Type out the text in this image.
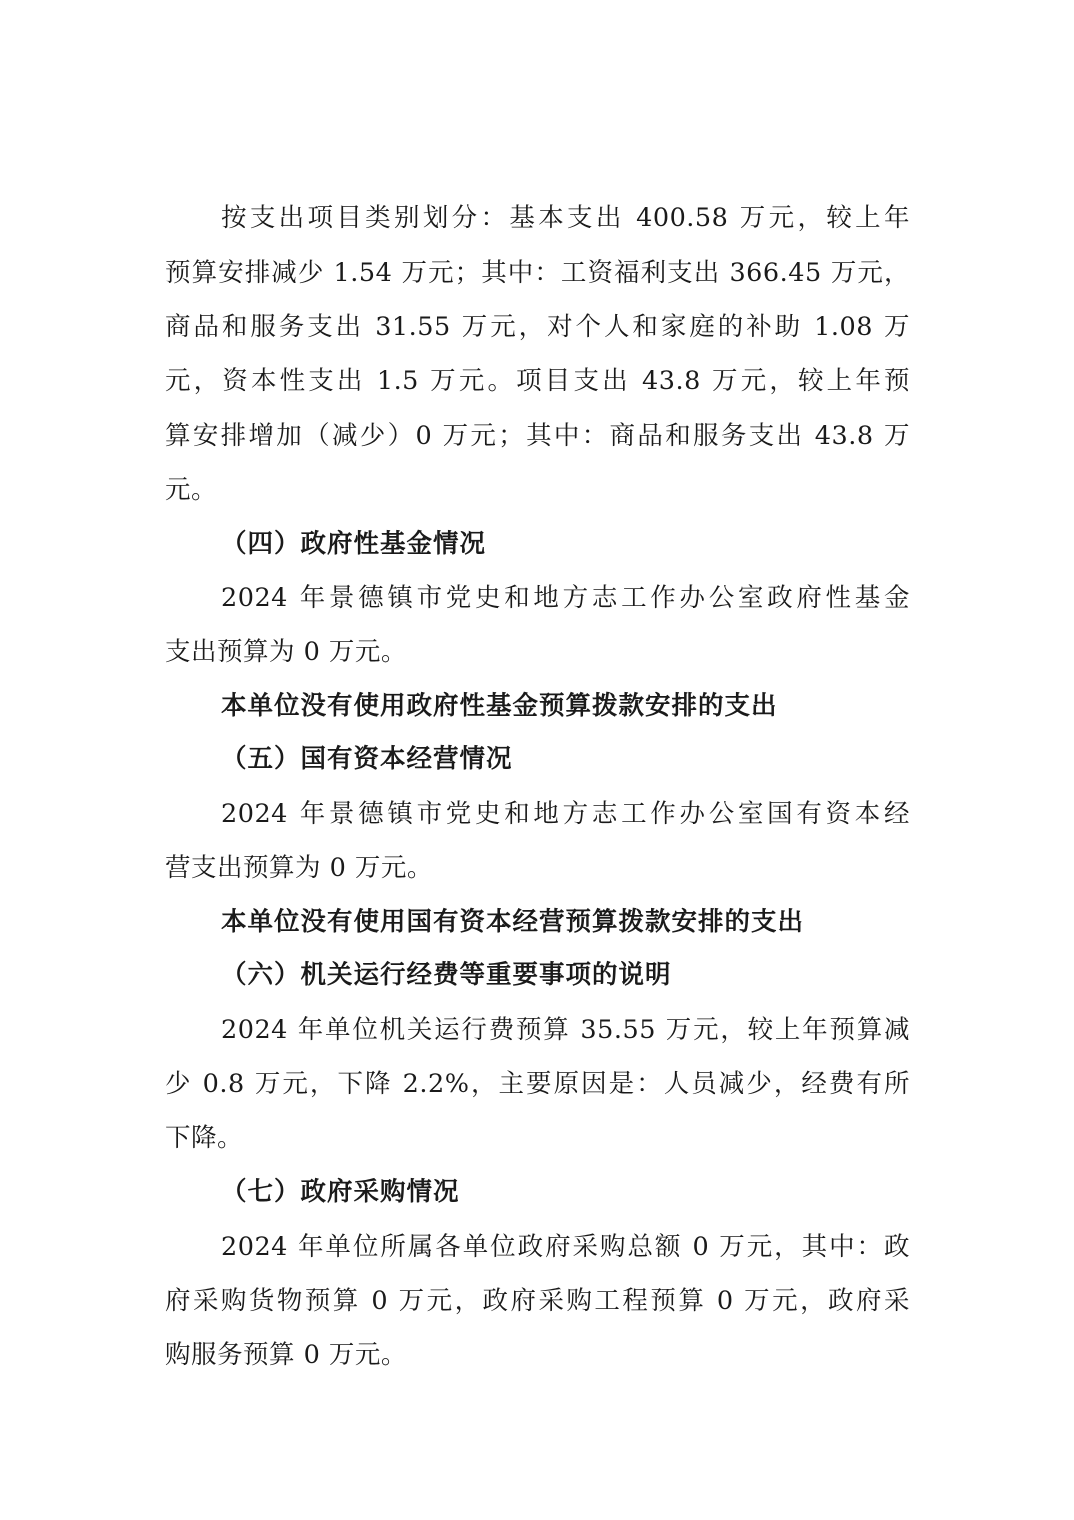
按支出项目类别划分：基本支出 400.58 万元，较上年
预算安排减少 1.54 万元；其中：工资福利支出 366.45 万元，
商品和服务支出 31.55 万元，对个人和家庭的补助 1.08 万
元，资本性支出 1.5 万元。项目支出 43.8 万元，较上年预
算安排增加（减少）0 万元；其中：商品和服务支出 43.8 万
元。
（四）政府性基金情况
2024 年景德镇市党史和地方志工作办公室政府性基金
支出预算为 0 万元。
本单位没有使用政府性基金预算拨款安排的支出
（五）国有资本经营情况
2024 年景德镇市党史和地方志工作办公室国有资本经
营支出预算为 0 万元。
本单位没有使用国有资本经营预算拨款安排的支出
（六）机关运行经费等重要事项的说明
2024 年单位机关运行费预算 35.55 万元，较上年预算减
少 0.8 万元，下降 2.2%，主要原因是：人员减少，经费有所
下降。
（七）政府采购情况
2024 年单位所属各单位政府采购总额 0 万元，其中：政
府采购货物预算 0 万元，政府采购工程预算 0 万元，政府采
购服务预算 0 万元。
